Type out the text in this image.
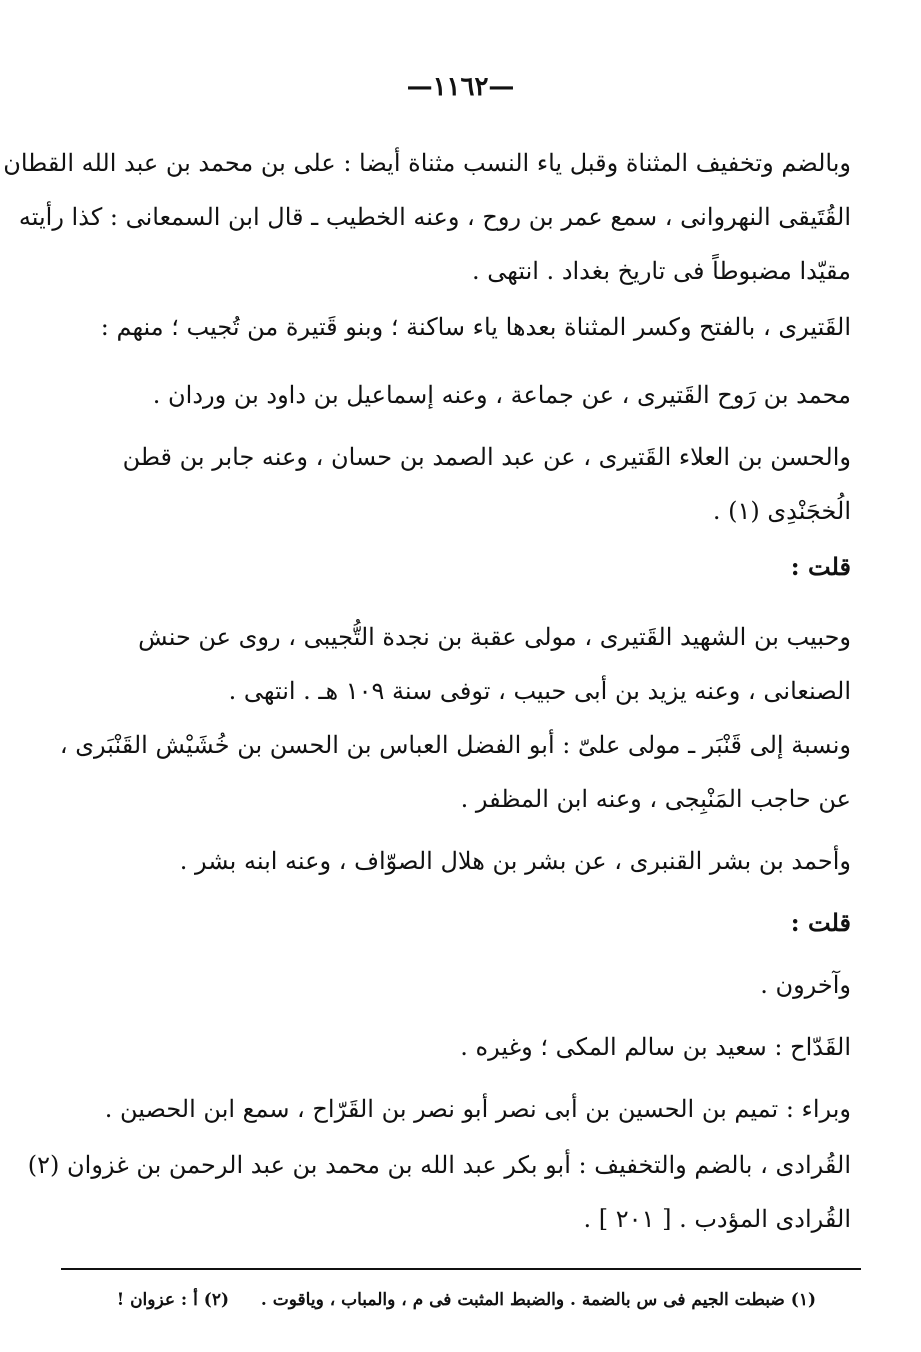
—١١٦٢—
وبالضم وتخفيف المثناة وقبل ياء النسب مثناة أيضا : على بن محمد بن عبد الله القطان
القُتَيقى النهروانى ، سمع عمر بن روح ، وعنه الخطيب ـ قال ابن السمعانى : كذا رأيته
مقيّدا مضبوطاً فى تاريخ بغداد . انتهى .
القَتيرى ، بالفتح وكسر المثناة بعدها ياء ساكنة ؛ وبنو قَتيرة من تُجيب ؛ منهم :
محمد بن رَوح القَتيرى ، عن جماعة ، وعنه إسماعيل بن داود بن وردان .
والحسن بن العلاء القَتيرى ، عن عبد الصمد بن حسان ، وعنه جابر بن قطن
الُخجَنْدِى (١) .
قلت :
وحبيب بن الشهيد القَتيرى ، مولى عقبة بن نجدة التُّجيبى ، روى عن حنش
الصنعانى ، وعنه يزيد بن أبى حبيب ، توفى سنة ١٠٩ هـ . انتهى .
ونسبة إلى قَنْبَر ـ مولى علىّ : أبو الفضل العباس بن الحسن بن خُشَيْش القَنْبَرى ،
عن حاجب المَنْبِجى ، وعنه ابن المظفر .
وأحمد بن بشر القنبرى ، عن بشر بن هلال الصوّاف ، وعنه ابنه بشر .
قلت :
وآخرون .
القَدّاح : سعيد بن سالم المكى ؛ وغيره .
وبراء : تميم بن الحسين بن أبى نصر أبو نصر بن القَرّاح ، سمع ابن الحصين .
القُرادى ، بالضم والتخفيف : أبو بكر عبد الله بن محمد بن عبد الرحمن بن غزوان (٢)
القُرادى المؤدب . [ ٢٠١ ] .
(١) ضبطت الجيم فى س بالضمة . والضبط المثبت فى م ، والمباب ، وياقوت . (٢) أ : عزوان !
